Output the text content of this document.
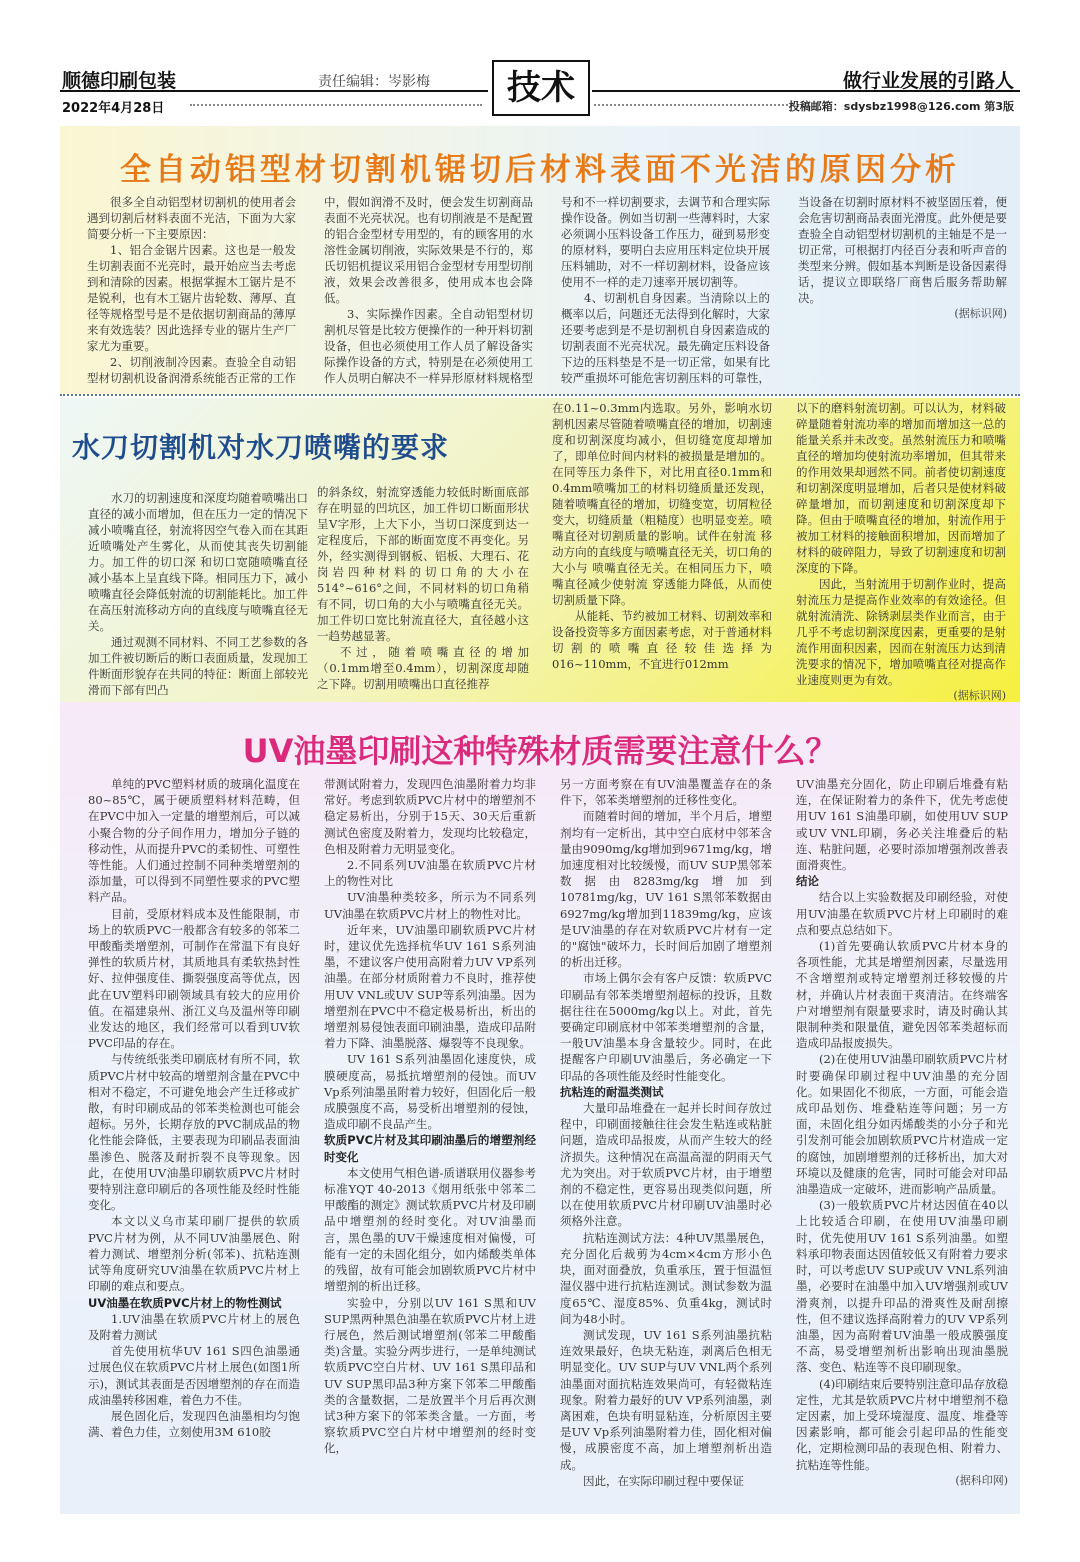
顺德印刷包装	责任编辑：岑影梅	技术	做行业发展的引路人
2022年4月28日	投稿邮箱：sdysbz1998@126.com 第3版
全自动铝型材切割机锯切后材料表面不光洁的原因分析

很多全自动铝型材切割机的使用者会遇到切割后材料表面不光洁，下面为大家简要分析一下主要原因：

1、铝合金锯片因素。这也是一般发生切割表面不光亮时，最开始应当去考虑到和清除的因素。根据掌握木工锯片是不是锐利，也有木工锯片齿轮数、薄厚、直径等规格型号是不是依据切割商品的薄厚来有效选装？因此选择专业的锯片生产厂家尤为重要。

2、切削液制冷因素。查验全自动铝型材切割机设备润滑系统能否正常的工作中，假如润滑不及时，便会发生切割商品表面不光亮状况。也有切削液是不是配置的铝合金型材专用型的，有的顾客用的水溶性金属切削液，实际效果是不行的，郑氏切铝机提议采用铝合金型材专用型切削液，效果会改善很多，使用成本也会降低。

3、实际操作因素。全自动铝型材切割机尽管是比较方便操作的一种开料切割设备，但也必须使用工作人员了解设备实际操作设备的方式，特别是在必须使用工作人员明白解决不一样异形原材料规格型号和不一样切割要求，去调节和合理实际操作设备。例如当切割一些薄料时，大家必须调小压料设备工作压力，碰到易形变的原材料，要明白去应用压料定位块开展压料辅助，对不一样切割材料，设备应该使用不一样的走刀速率开展切割等。

4、切割机自身因素。当清除以上的概率以后，问题还无法得到化解时，大家还要考虑到是不是切割机自身因素造成的切割表面不光亮状况。最先确定压料设备下边的压料垫是不是一切正常，如果有比较严重损坏可能危害切割压料的可靠性，当设备在切割时原材料不被坚固压着，便会危害切割商品表面光滑度。此外便是要查验全自动铝型材切割机的主轴是不是一切正常，可根据打内径百分表和听声音的类型来分辨。假如基本判断是设备因素得话，提议立即联络厂商售后服务帮助解决。

(据标识网)
水刀切割机对水刀喷嘴的要求

水刀的切割速度和深度均随着喷嘴出口直径的减小而增加，但在压力一定的情况下减小喷嘴直径，射流将因空气卷入而在其距近喷嘴处产生雾化，从而使其丧失切割能力。加工件的切口深 和切口宽随喷嘴直径减小基本上呈直线下降。相同压力下，减小喷嘴直径会降低射流的切割能耗比。加工件在高压射流移动方向的直线度与喷嘴直径无关。

通过观测不同材料、不同工艺参数的各加工件被切断后的断口表面质量，发现加工件断面形貌存在共同的特征：断面上部较光滑而下部有凹凸

的斜条纹，射流穿透能力较低时断面底部存在明显的凹坑区，加工件切口断面形状呈V字形，上大下小，当切口深度到达一定程度后，下部的断面宽度不再变化。另外，经实测得到钢板、铝板、大理石、花岗岩四种材料的切口角的大小在514°~616°之间，不同材料的切口角稍有不同，切口角的大小与喷嘴直径无关。加工件切口宽比射流直径大，直径越小这一趋势越显著。

不过，随着喷嘴直径的增加（0.1mm增至0.4mm），切割深度却随之下降。切割用喷嘴出口直径推荐

在0.11~0.3mm内选取。另外，影响水切割机因素尽管随着喷嘴直径的增加，切割速度和切割深度均减小，但切缝宽度却增加了，即单位时间内材料的被损量是增加的。在同等压力条件下，对比用直径0.1mm和0.4mm喷嘴加工的材料切缝质量还发现，随着喷嘴直径的增加，切缝变宽，切屑粒径变大，切缝质量（粗糙度）也明显变差。喷嘴直径对切割质量的影响。试件在射流 移动方向的直线度与喷嘴直径无关，切口角的大小与 喷嘴直径无关。在相同压力下，喷嘴直径减少使射流 穿透能力降低，从而使切割质量下降。

从能耗、节约被加工材料、切割效率和设备投资等多方面因素考虑，对于普通材料切割的喷嘴直径较佳选择为016~110mm，不宜进行012mm

以下的磨料射流切割。可以认为，材料破碎量随着射流功率的增加而增加这一总的能量关系并未改变。虽然射流压力和喷嘴直径的增加均使射流功率增加，但其带来的作用效果却迥然不同。前者使切割速度和切割深度明显增加，后者只是使材料破碎量增加，而切割速度和切割深度却下降。但由于喷嘴直径的增加，射流作用于被加工材料的接触面积增加，因而增加了材料的破碎阻力，导致了切割速度和切割深度的下降。

因此，当射流用于切割作业时，提高射流压力是提高作业效率的有效途径。但就射流清洗、除锈剥层类作业而言，由于几乎不考虑切割深度因素，更重要的是射流作用面积因素，因而在射流压力达到清洗要求的情况下，增加喷嘴直径对提高作业速度则更为有效。

(据标识网)
UV油墨印刷这种特殊材质需要注意什么？

单纯的PVC塑料材质的玻璃化温度在80~85℃，属于硬质塑料材料范畴，但在PVC中加入一定量的增塑剂后，可以减小聚合物的分子间作用力，增加分子链的移动性，从而提升PVC的柔韧性、可塑性等性能。人们通过控制不同种类增塑剂的添加量，可以得到不同塑性要求的PVC塑料产品。

目前，受原材料成本及性能限制，市场上的软质PVC一般都含有较多的邻苯二甲酸酯类增塑剂，可制作在常温下有良好弹性的软质片材，其质地具有柔软热封性好、拉伸强度佳、撕裂强度高等优点，因此在UV塑料印刷领域具有较大的应用价值。在福建泉州、浙江义乌及温州等印刷业发达的地区，我们经常可以看到UV软PVC印品的存在。

与传统纸张类印刷底材有所不同，软质PVC片材中较高的增塑剂含量在PVC中相对不稳定，不可避免地会产生迁移或扩散，有时印刷成品的邻苯类检测也可能会超标。另外，长期存放的PVC制成品的物化性能会降低，主要表现为印刷品表面油墨渗色、脱落及耐折裂不良等现象。因此，在使用UV油墨印刷软质PVC片材时要特别注意印刷后的各项性能及经时性能变化。

本文以义乌市某印刷厂提供的软质PVC片材为例，从不同UV油墨展色、附着力测试、增塑剂分析(邻苯)、抗粘连测试等角度研究UV油墨在软质PVC片材上印刷的难点和要点。

UV油墨在软质PVC片材上的物性测试

1.UV油墨在软质PVC片材上的展色及附着力测试

首先使用杭华UV 161 S四色油墨通过展色仪在软质PVC片材上展色(如图1所示)，测试其表面是否因增塑剂的存在而造成油墨转移困难，着色力不佳。

展色固化后，发现四色油墨相均匀饱满、着色力佳，立刻使用3M 610胶

带测试附着力，发现四色油墨附着力均非常好。考虑到软质PVC片材中的增塑剂不稳定易析出，分别于15天、30天后重新测试色密度及附着力，发现均比较稳定，色相及附着力无明显变化。

2.不同系列UV油墨在软质PVC片材上的物性对比

UV油墨种类较多，所示为不同系列UV油墨在软质PVC片材上的物性对比。

近年来，UV油墨印刷软质PVC片材时，建议优先选择杭华UV 161 S系列油墨，不建议客户使用高附着力UV VP系列油墨。在部分材质附着力不良时，推荐使用UV VNL或UV SUP等系列油墨。因为增塑剂在PVC中不稳定极易析出，析出的增塑剂易侵蚀表面印刷油墨，造成印品附着力下降、油墨脱落、爆裂等不良现象。

UV 161 S系列油墨固化速度快，成膜硬度高，易抵抗增塑剂的侵蚀。而UV Vp系列油墨虽附着力较好，但固化后一般成膜强度不高，易受析出增塑剂的侵蚀，造成印刷不良品产生。

软质PVC片材及其印刷油墨后的增塑剂经时变化

本文使用气相色谱-质谱联用仪器参考标准YQT 40-2013《烟用纸张中邻苯二甲酸酯的测定》测试软质PVC片材及印刷品中增塑剂的经时变化。对UV油墨而言，黑色墨的UV干燥速度相对偏慢，可能有一定的未固化组分，如内烯酸类单体的残留，故有可能会加剧软质PVC片材中增塑剂的析出迁移。

实验中，分别以UV 161 S黑和UV SUP黑两种黑色油墨在软质PVC片材上进行展色，然后测试增塑剂(邻苯二甲酸酯类)含量。实验分两步进行，一是单纯测试软质PVC空白片材、UV 161 S黑印品和UV SUP黑印品3种方案下邻苯二甲酸酯类的含量数据，二是放置半个月后再次测试3种方案下的邻苯类含量。一方面，考察软质PVC空白片材中增塑剂的经时变化，

另一方面考察在有UV油墨覆盖存在的条件下，邻苯类增塑剂的迁移性变化。

而随着时间的增加，半个月后，增塑剂均有一定析出，其中空白底材中邻苯含量由9090mg/kg增加到9671mg/kg，增加速度相对比较缓慢，而UV SUP黑邻苯数据由8283mg/kg增加到10781mg/kg，UV 161 S黑邻苯数据由6927mg/kg增加到11839mg/kg，应该是UV油墨的存在对软质PVC片材有一定的"腐蚀"破坏力，长时间后加剧了增塑剂的析出迁移。

市场上偶尔会有客户反馈：软质PVC印刷品有邻苯类增塑剂超标的投诉，且数据往往在5000mg/kg以上。对此，首先要确定印刷底材中邻苯类增塑剂的含量，一般UV油墨本身含量较少。同时，在此提醒客户印刷UV油墨后，务必确定一下印品的各项性能及经时性能变化。

抗粘连的耐温类测试

大量印品堆叠在一起并长时间存放过程中，印刷面接触往往会发生粘连或粘脏问题，造成印品报废，从而产生较大的经济损失。这种情况在高温高湿的阴雨天气尤为突出。对于软质PVC片材，由于增塑剂的不稳定性，更容易出现类似问题，所以在使用软质PVC片材印刷UV油墨时必须格外注意。

抗粘连测试方法：4种UV黑墨展色，充分固化后裁剪为4cm×4cm方形小色块，面对面叠放，负重承压，置于恒温恒湿仪器中进行抗粘连测试。测试参数为温度65℃、湿度85%、负重4kg，测试时间为48小时。

测试发现，UV 161 S系列油墨抗粘连效果最好，色块无粘连，剥离后色相无明显变化。UV SUP与UV VNL两个系列油墨面对面抗粘连效果尚可，有轻微粘连现象。附着力最好的UV VP系列油墨，剥离困难，色块有明显粘连，分析原因主要是UV Vp系列油墨附着力佳，固化相对偏慢，成膜密度不高，加上增塑剂析出造成。

因此，在实际印刷过程中要保证

UV油墨充分固化，防止印刷后堆叠有粘连，在保证附着力的条件下，优先考虑使用UV 161 S油墨印刷，如使用UV SUP或UV VNL印刷，务必关注堆叠后的粘连、粘脏问题，必要时添加增强剂改善表面滑爽性。

结论

结合以上实验数据及印刷经验，对使用UV油墨在软质PVC片材上印刷时的难点和要点总结如下。

(1)首先要确认软质PVC片材本身的各项性能，尤其是增塑剂因素，尽量选用不含增塑剂或特定增塑剂迁移较慢的片材，并确认片材表面干爽清洁。在终端客户对增塑剂有限量要求时，请及时确认其限制种类和限量值，避免因邻苯类超标而造成印品报废损失。

(2)在使用UV油墨印刷软质PVC片材时要确保印刷过程中UV油墨的充分固化。如果固化不彻底，一方面，可能会造成印品划伤、堆叠粘连等问题；另一方面，未固化组分如丙烯酸类的小分子和光引发剂可能会加剧软质PVC片材造成一定的腐蚀，加剧增塑剂的迁移析出，加大对环境以及健康的危害，同时可能会对印品油墨造成一定破坏，进而影响产品质量。

(3)一般软质PVC片材达因值在40以上比较适合印刷，在使用UV油墨印刷时，优先使用UV 161 S系列油墨。如塑料承印物表面达因值较低又有附着力要求时，可以考虑UV SUP或UV VNL系列油墨，必要时在油墨中加入UV增强剂或UV滑爽剂，以提升印品的滑爽性及耐刮擦性，但不建议选择高附着力的UV VP系列油墨，因为高附着UV油墨一般成膜强度不高，易受增塑剂析出影响出现油墨脱落、变色、粘连等不良印刷现象。

(4)印刷结束后要特别注意印品存放稳定性，尤其是软质PVC片材中增塑剂不稳定因素，加上受环境湿度、温度、堆叠等因素影响，都可能会引起印品的性能变化，定期检测印品的表现色相、附着力、抗粘连等性能。

(据科印网)
